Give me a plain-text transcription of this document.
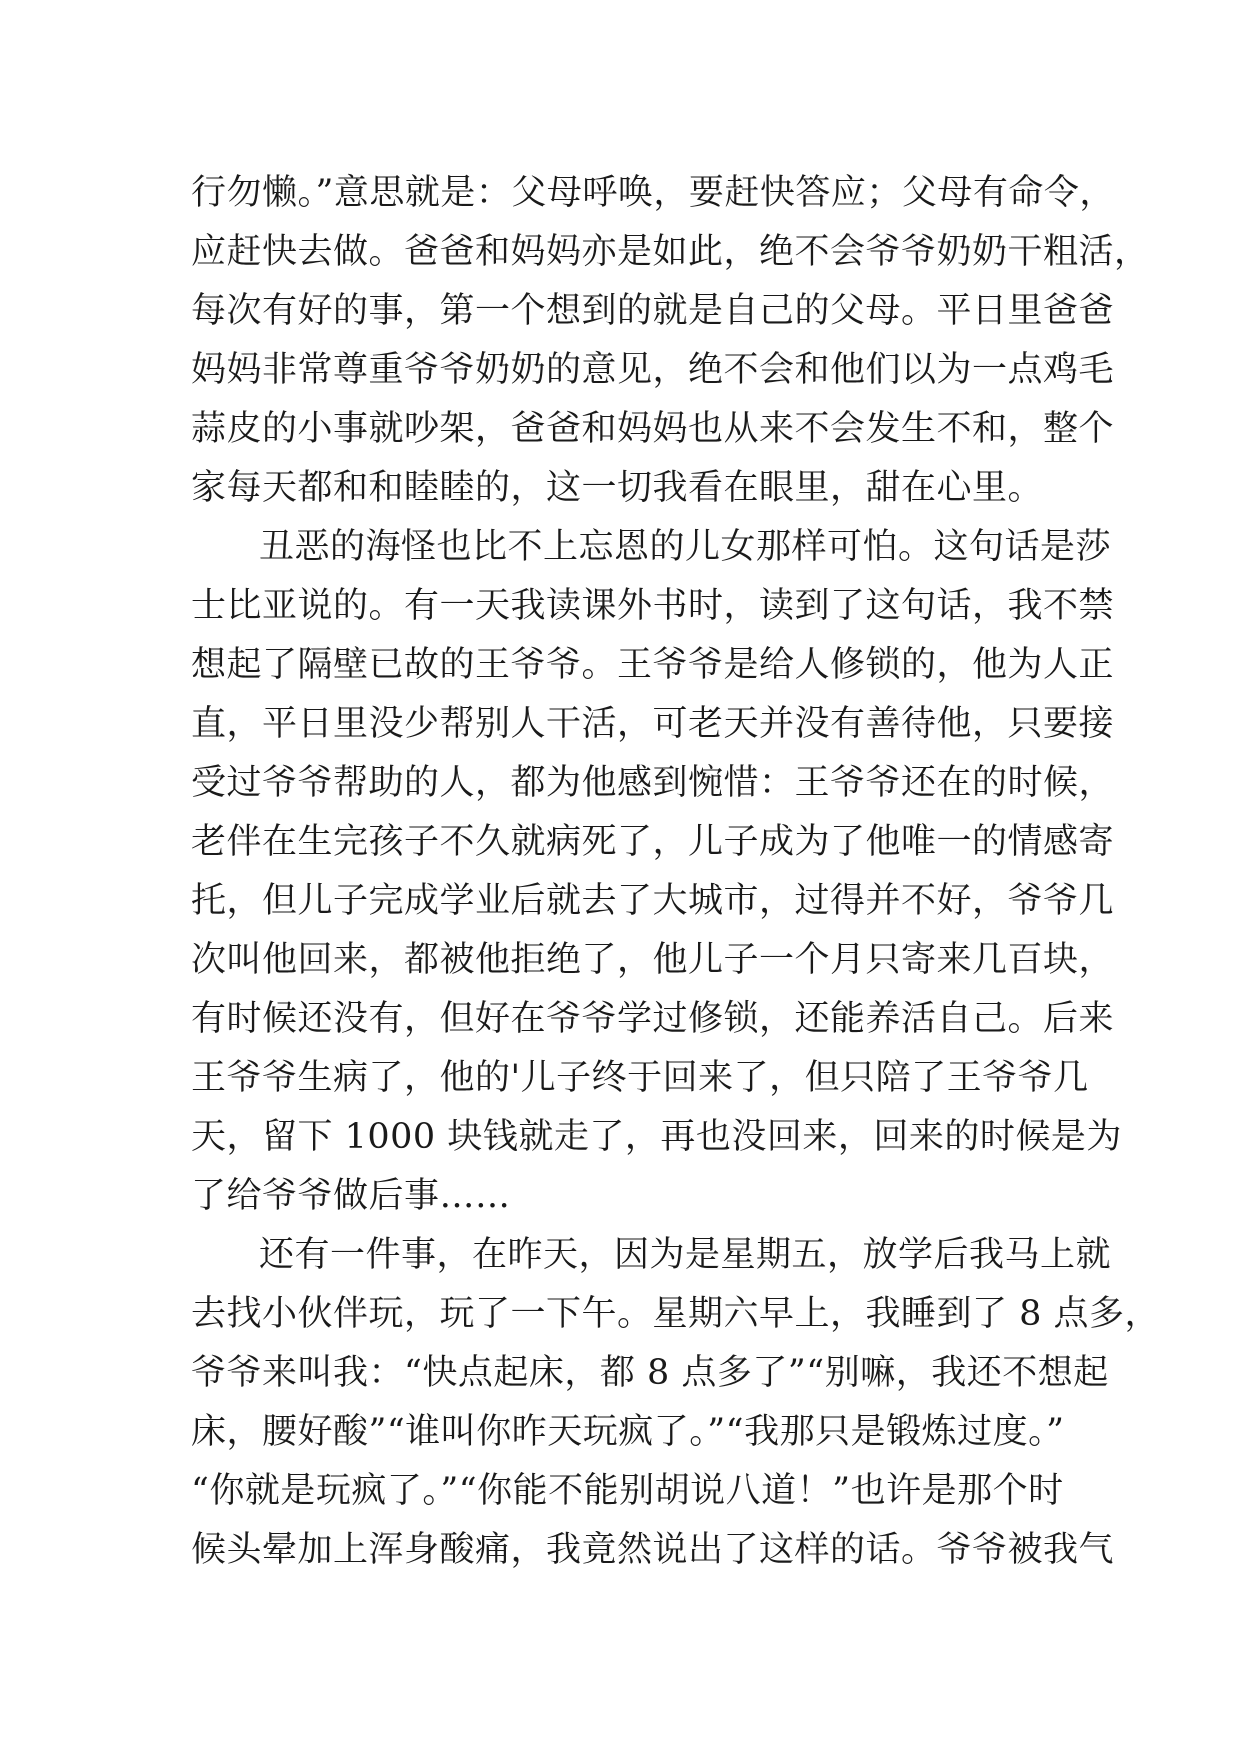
行勿懒。”意思就是：父母呼唤，要赶快答应；父母有命令，
应赶快去做。爸爸和妈妈亦是如此，绝不会爷爷奶奶干粗活，
每次有好的事，第一个想到的就是自己的父母。平日里爸爸
妈妈非常尊重爷爷奶奶的意见，绝不会和他们以为一点鸡毛
蒜皮的小事就吵架，爸爸和妈妈也从来不会发生不和，整个
家每天都和和睦睦的，这一切我看在眼里，甜在心里。
丑恶的海怪也比不上忘恩的儿女那样可怕。这句话是莎
士比亚说的。有一天我读课外书时，读到了这句话，我不禁
想起了隔壁已故的王爷爷。王爷爷是给人修锁的，他为人正
直，平日里没少帮别人干活，可老天并没有善待他，只要接
受过爷爷帮助的人，都为他感到惋惜：王爷爷还在的时候，
老伴在生完孩子不久就病死了，儿子成为了他唯一的情感寄
托，但儿子完成学业后就去了大城市，过得并不好，爷爷几
次叫他回来，都被他拒绝了，他儿子一个月只寄来几百块，
有时候还没有，但好在爷爷学过修锁，还能养活自己。后来
王爷爷生病了，他的'儿子终于回来了，但只陪了王爷爷几
天，留下 1000 块钱就走了，再也没回来，回来的时候是为
了给爷爷做后事……
还有一件事，在昨天，因为是星期五，放学后我马上就
去找小伙伴玩，玩了一下午。星期六早上，我睡到了 8 点多，
爷爷来叫我：“快点起床，都 8 点多了”“别嘛，我还不想起
床，腰好酸”“谁叫你昨天玩疯了。”“我那只是锻炼过度。”
“你就是玩疯了。”“你能不能别胡说八道！”也许是那个时
候头晕加上浑身酸痛，我竟然说出了这样的话。爷爷被我气
